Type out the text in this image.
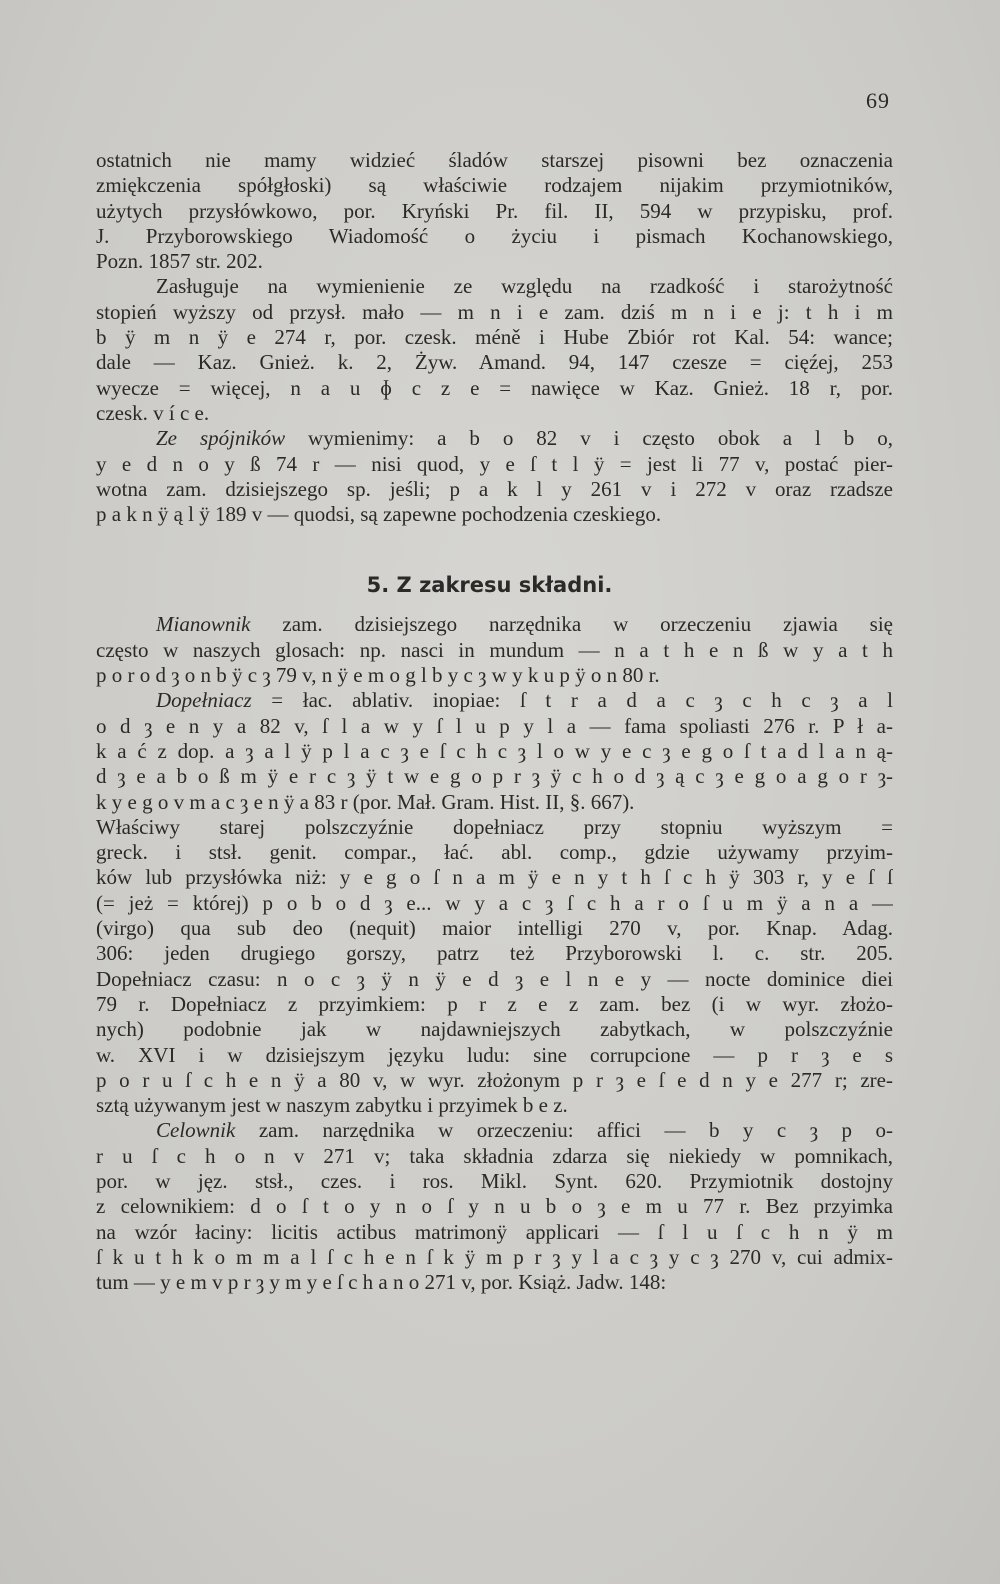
69
ostatnich nie mamy widzieć śladów starszej pisowni bez oznaczenia
zmiękczenia spółgłoski) są właściwie rodzajem nijakim przymiotników,
użytych przysłówkowo, por. Kryński Pr. fil. II, 594 w przypisku, prof.
J. Przyborowskiego Wiadomość o życiu i pismach Kochanowskiego,
Pozn. 1857 str. 202.
Zasługuje na wymienienie ze względu na rzadkość i starożytność
stopień wyższy od przysł. mało — m n i e zam. dziś m n i e j: t h i m
b ÿ m n ÿ e 274 r, por. czesk. méně i Hube Zbiór rot Kal. 54: wance;
dale — Kaz. Gnież. k. 2, Żyw. Amand. 94, 147 czesze = cięźej, 253
wyecze = więcej, n a u ɸ c z e = nawięce w Kaz. Gnież. 18 r, por.
czesk. v í c e.
Ze spójników wymienimy: a b o 82 v i często obok a l b o,
y e d n o y ß 74 r — nisi quod, y e ſ t l ÿ = jest li 77 v, postać pier-
wotna zam. dzisiejszego sp. jeśli; p a k l y 261 v i 272 v oraz rzadsze
p a k n ÿ ą l ÿ 189 v — quodsi, są zapewne pochodzenia czeskiego.
5. Z zakresu składni.
Mianownik zam. dzisiejszego narzędnika w orzeczeniu zjawia się
często w naszych glosach: np. nasci in mundum — n a t h e n ß w y a t h
p o r o d ȝ o n b ÿ c ȝ 79 v, n ÿ e m o g l b y c ȝ w y k u p ÿ o n 80 r.
Dopełniacz = łac. ablativ. inopiae: ſ t r a d a c ȝ c h c ȝ a l
o d ȝ e n y a 82 v, ſ l a w y ſ l u p y l a — fama spoliasti 276 r. P ł a-
k a ć z dop. a ȝ a l ÿ p l a c ȝ e ſ c h c ȝ l o w y e c ȝ e g o ſ t a d l a n ą-
d ȝ e a b o ß m ÿ e r c ȝ ÿ t w e g o p r ȝ ÿ c h o d ȝ ą c ȝ e g o a g o r ȝ-
k y e g o v m a c ȝ e n ÿ a 83 r (por. Mał. Gram. Hist. II, §. 667).
Właściwy starej polszczyźnie dopełniacz przy stopniu wyższym =
greck. i stsł. genit. compar., łać. abl. comp., gdzie używamy przyim-
ków lub przysłówka niż: y e g o ſ n a m ÿ e n y t h ſ c h ÿ 303 r, y e ſ ſ
(= jeż = której) p o b o d ȝ e... w y a c ȝ ſ c h a r o ſ u m ÿ a n a —
(virgo) qua sub deo (nequit) maior intelligi 270 v, por. Knap. Adag.
306: jeden drugiego gorszy, patrz też Przyborowski l. c. str. 205.
Dopełniacz czasu: n o c ȝ ÿ n ÿ e d ȝ e l n e y — nocte dominice diei
79 r. Dopełniacz z przyimkiem: p r z e z zam. bez (i w wyr. złożo-
nych) podobnie jak w najdawniejszych zabytkach, w polszczyźnie
w. XVI i w dzisiejszym języku ludu: sine corrupcione — p r ȝ e s
p o r u ſ c h e n ÿ a 80 v, w wyr. złożonym p r ȝ e ſ e d n y e 277 r; zre-
sztą używanym jest w naszym zabytku i przyimek b e z.
Celownik zam. narzędnika w orzeczeniu: affici — b y c ȝ p o-
r u ſ c h o n v 271 v; taka składnia zdarza się niekiedy w pomnikach,
por. w jęz. stsł., czes. i ros. Mikl. Synt. 620. Przymiotnik dostojny
z celownikiem: d o ſ t o y n o ſ y n u b o ȝ e m u 77 r. Bez przyimka
na wzór łaciny: licitis actibus matrimonÿ applicari — ſ l u ſ c h n ÿ m
ſ k u t h k o m m a l ſ c h e n ſ k ÿ m p r ȝ y l a c ȝ y c ȝ 270 v, cui admix-
tum — y e m v p r ȝ y m y e ſ c h a n o 271 v, por. Książ. Jadw. 148:
